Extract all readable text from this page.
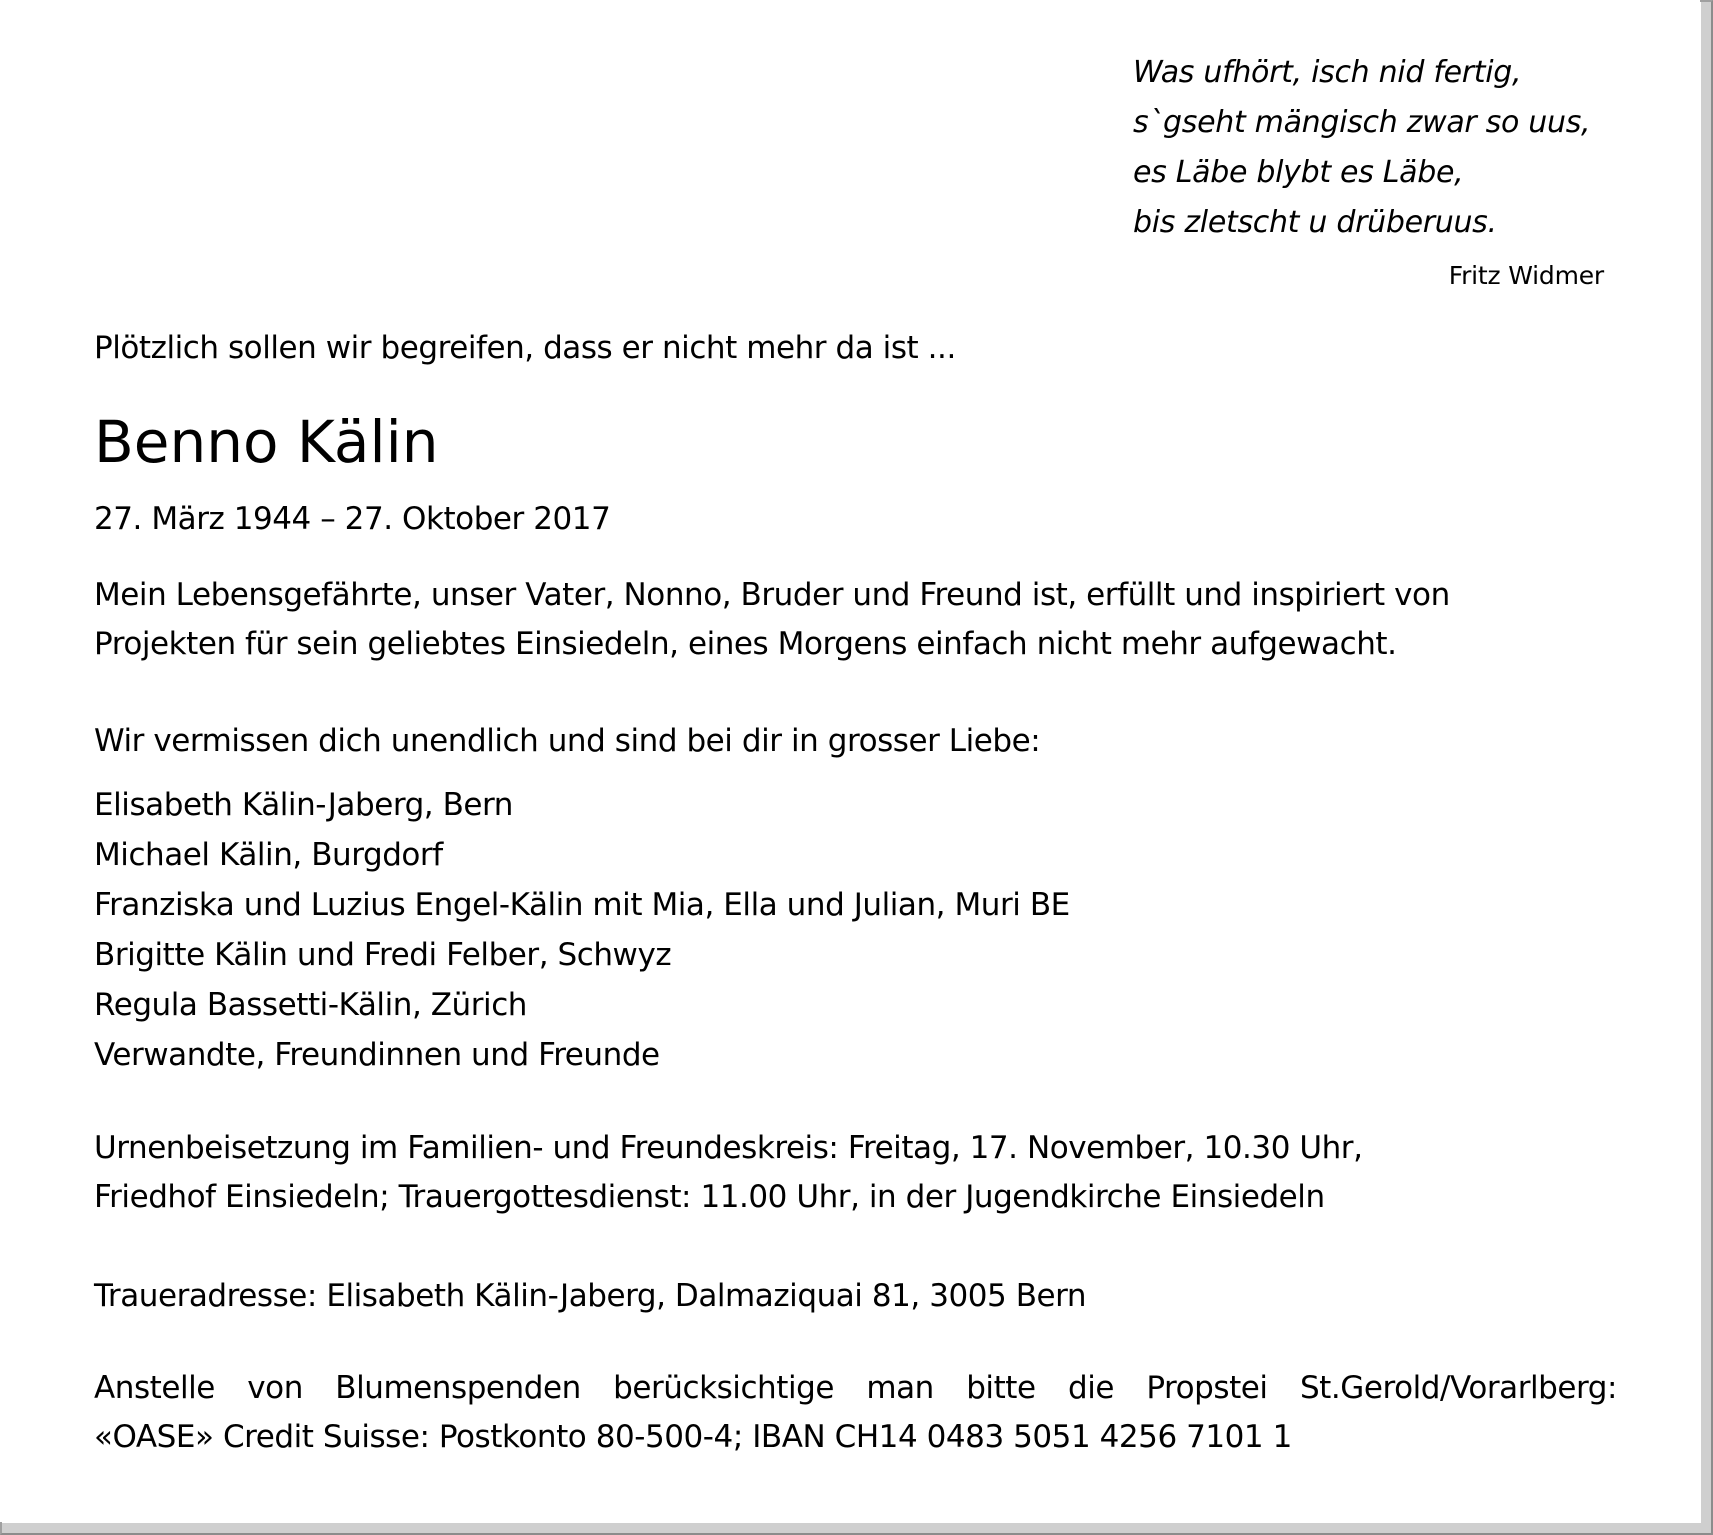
Was ufhört, isch nid fertig,
s`gseht mängisch zwar so uus,
es Läbe blybt es Läbe,
bis zletscht u drüberuus.
Fritz Widmer
Plötzlich sollen wir begreifen, dass er nicht mehr da ist ...
Benno Kälin
27. März 1944 – 27. Oktober 2017
Mein Lebensgefährte, unser Vater, Nonno, Bruder und Freund ist, erfüllt und inspiriert von
Projekten für sein geliebtes Einsiedeln, eines Morgens einfach nicht mehr aufgewacht.
Wir vermissen dich unendlich und sind bei dir in grosser Liebe:
Elisabeth Kälin-Jaberg, Bern
Michael Kälin, Burgdorf
Franziska und Luzius Engel-Kälin mit Mia, Ella und Julian, Muri BE
Brigitte Kälin und Fredi Felber, Schwyz
Regula Bassetti-Kälin, Zürich
Verwandte, Freundinnen und Freunde
Urnenbeisetzung im Familien- und Freundeskreis: Freitag, 17. November, 10.30 Uhr,
Friedhof Einsiedeln; Trauergottesdienst: 11.00 Uhr, in der Jugendkirche Einsiedeln
Traueradresse: Elisabeth Kälin-Jaberg, Dalmaziquai 81, 3005 Bern
Anstelle von Blumenspenden berücksichtige man bitte die Propstei St.Gerold/Vorarlberg:
«OASE» Credit Suisse: Postkonto 80-500-4; IBAN CH14 0483 5051 4256 7101 1
